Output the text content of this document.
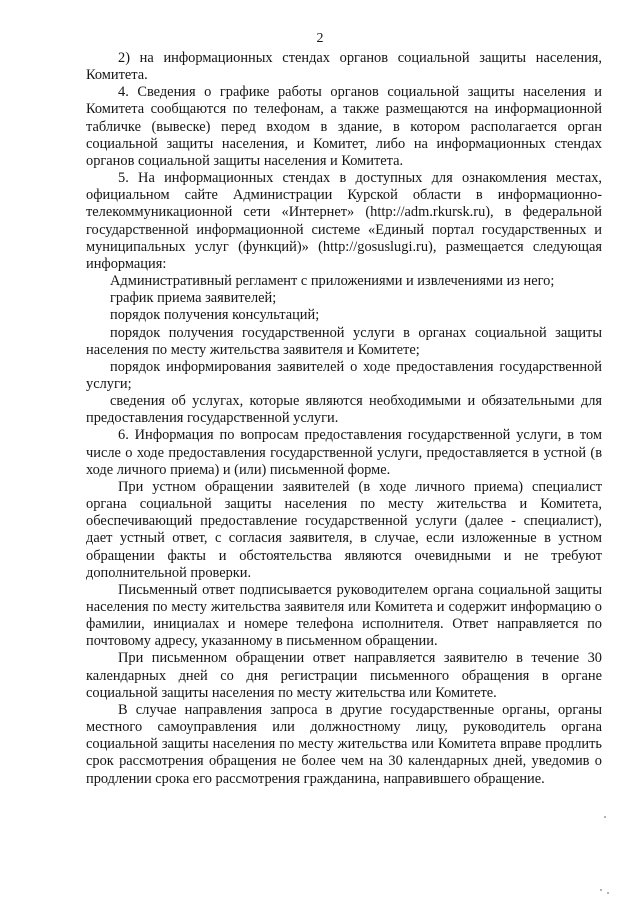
2

2) на информационных стендах органов социальной защиты населения, Комитета.

4. Сведения о графике работы органов социальной защиты населения и Комитета сообщаются по телефонам, а также размещаются на информационной табличке (вывеске) перед входом в здание, в котором располагается орган социальной защиты населения, и Комитет, либо на информационных стендах органов социальной защиты населения и Комитета.

5. На информационных стендах в доступных для ознакомления местах, официальном сайте Администрации Курской области в информационно-телекоммуникационной сети «Интернет» (http://adm.rkursk.ru), в федеральной государственной информационной системе «Единый портал государственных и муниципальных услуг (функций)» (http://gosuslugi.ru), размещается следующая информация:

Административный регламент с приложениями и извлечениями из него;

график приема заявителей;

порядок получения консультаций;

порядок получения государственной услуги в органах социальной защиты населения по месту жительства заявителя и Комитете;

порядок информирования заявителей о ходе предоставления государственной услуги;

сведения об услугах, которые являются необходимыми и обязательными для предоставления государственной услуги.

6. Информация по вопросам предоставления государственной услуги, в том числе о ходе предоставления государственной услуги, предоставляется в устной (в ходе личного приема) и (или) письменной форме.

При устном обращении заявителей (в ходе личного приема) специалист органа социальной защиты населения по месту жительства и Комитета, обеспечивающий предоставление государственной услуги (далее - специалист), дает устный ответ, с согласия заявителя, в случае, если изложенные в устном обращении факты и обстоятельства являются очевидными и не требуют дополнительной проверки.

Письменный ответ подписывается руководителем органа социальной защиты населения по месту жительства заявителя или Комитета и содержит информацию о фамилии, инициалах и номере телефона исполнителя. Ответ направляется по почтовому адресу, указанному в письменном обращении.

При письменном обращении ответ направляется заявителю в течение 30 календарных дней со дня регистрации письменного обращения в органе социальной защиты населения по месту жительства или Комитете.

В случае направления запроса в другие государственные органы, органы местного самоуправления или должностному лицу, руководитель органа социальной защиты населения по месту жительства или Комитета вправе продлить срок рассмотрения обращения не более чем на 30 календарных дней, уведомив о продлении срока его рассмотрения гражданина, направившего обращение.
